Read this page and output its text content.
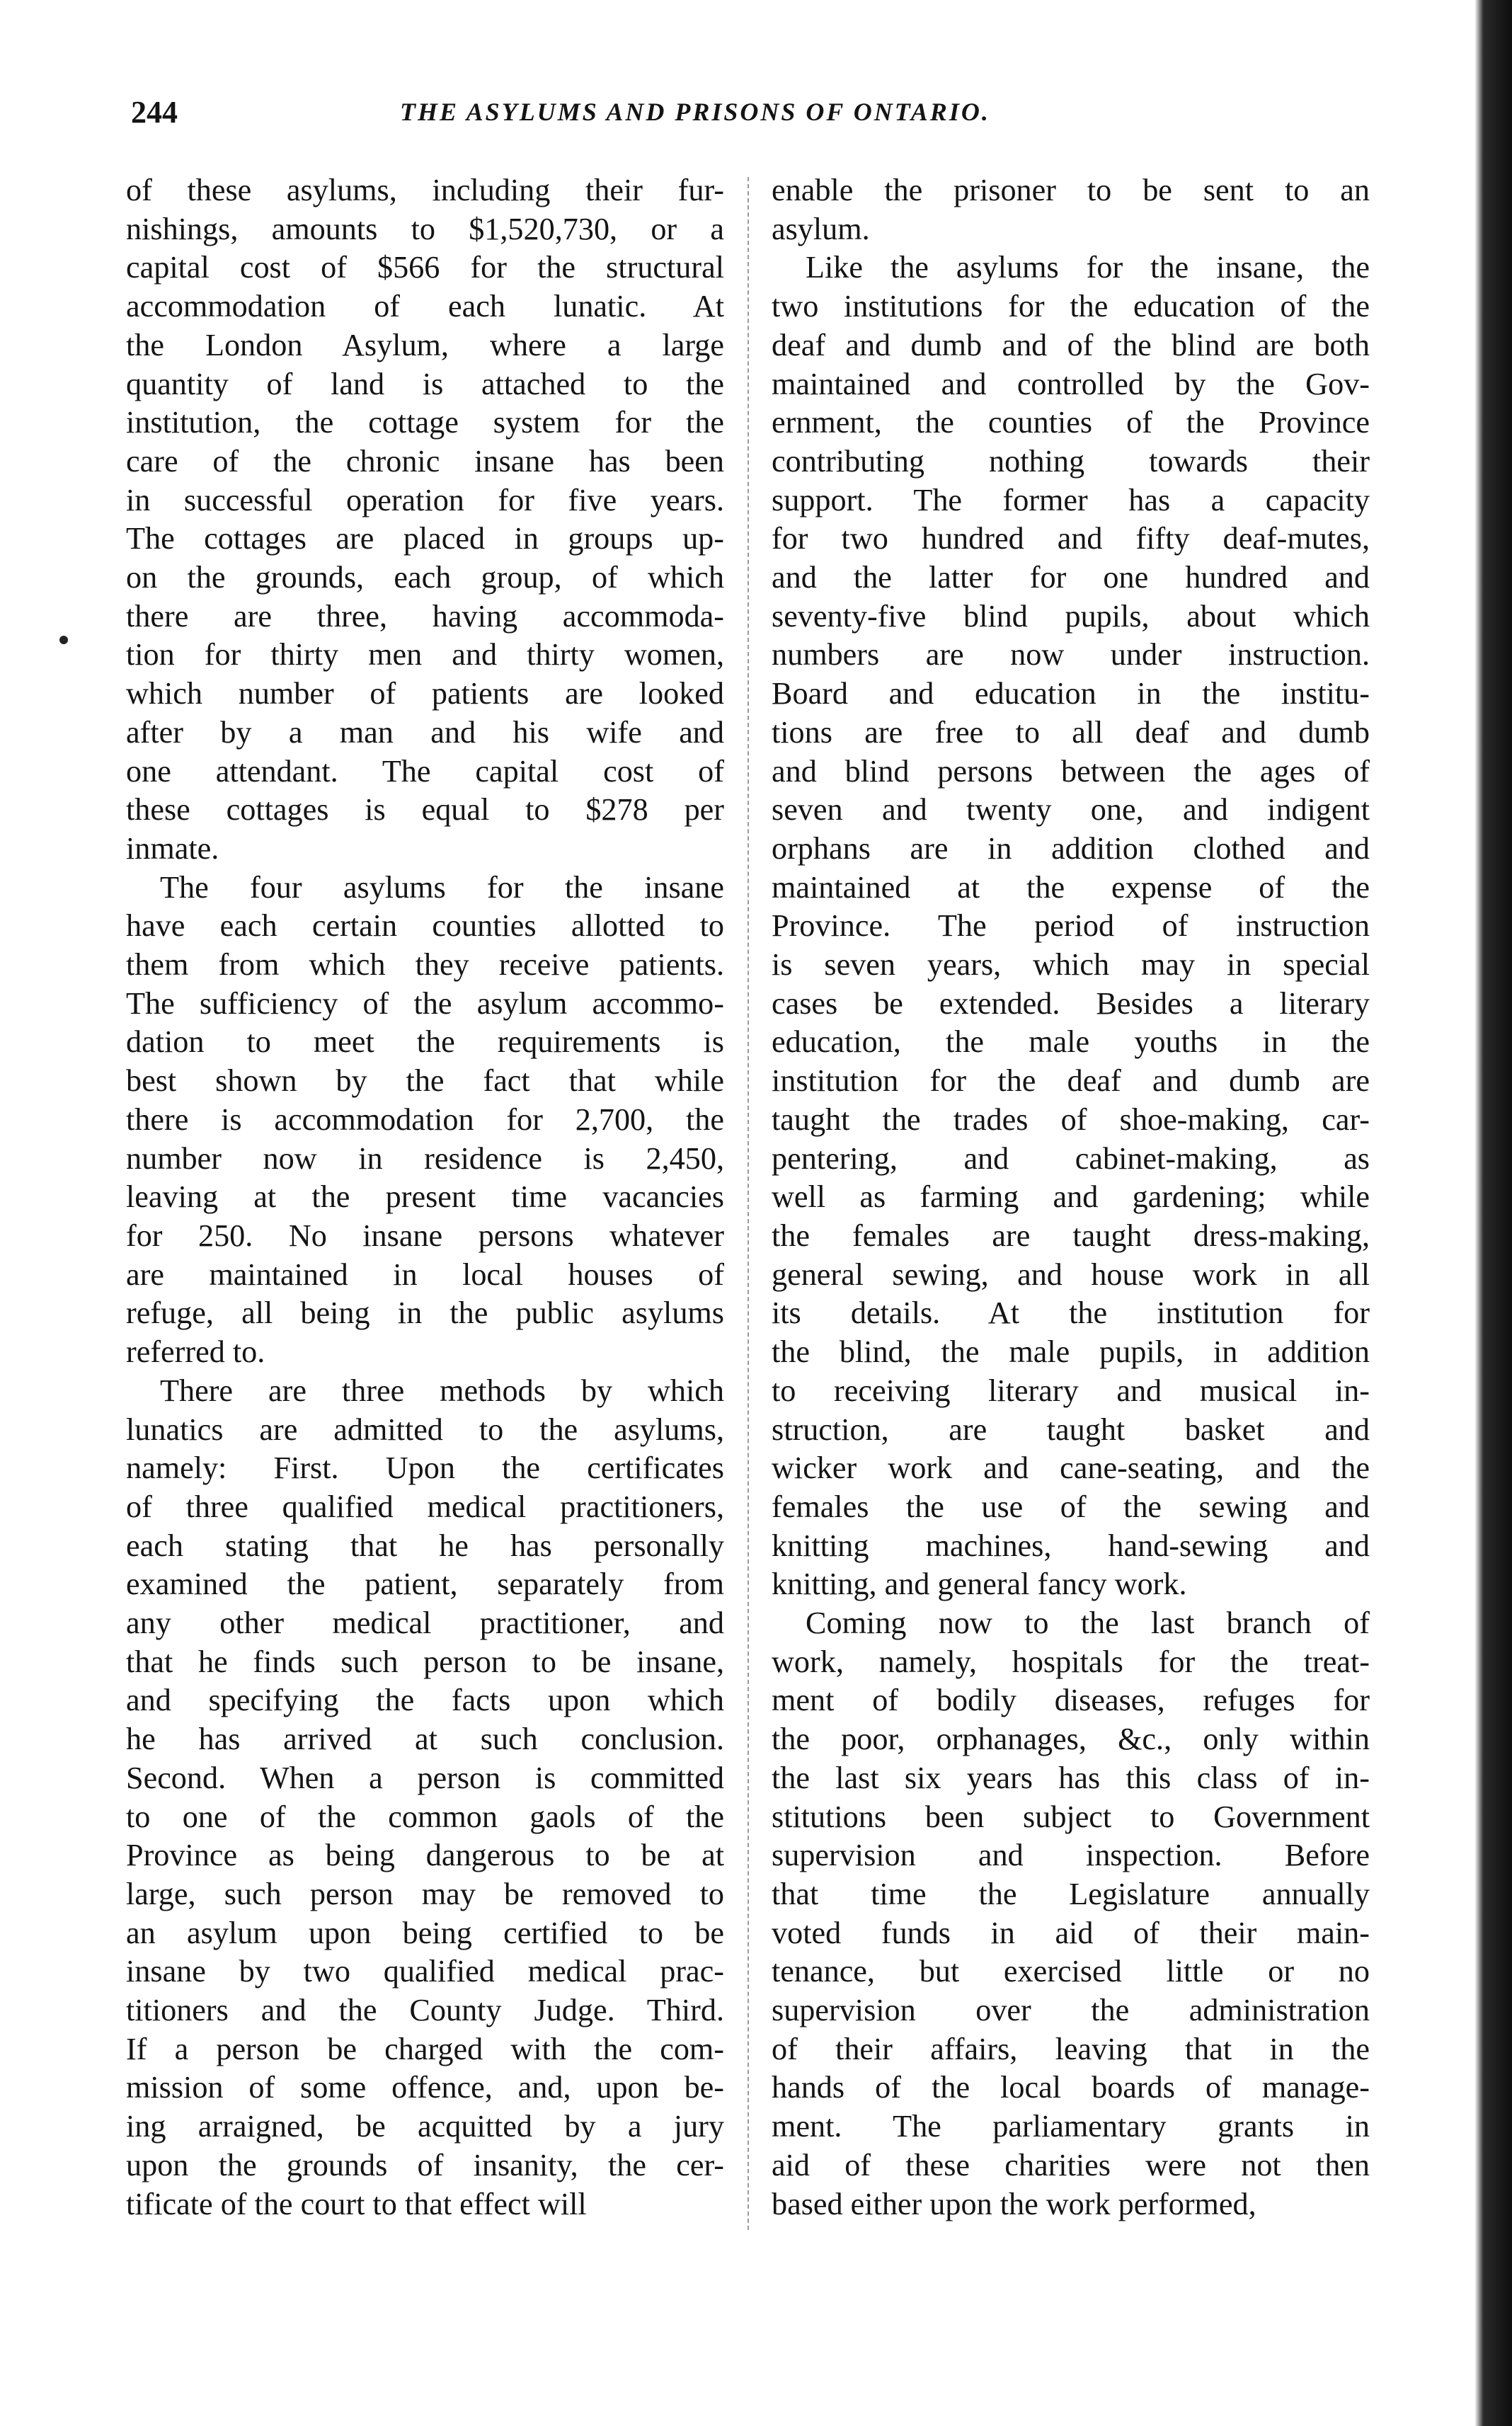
244	THE ASYLUMS AND PRISONS OF ONTARIO.

of these asylums, including their fur-
nishings, amounts to $1,520,730, or a
capital cost of $566 for the structural
accommodation of each lunatic. At
the London Asylum, where a large
quantity of land is attached to the
institution, the cottage system for the
care of the chronic insane has been
in successful operation for five years.
The cottages are placed in groups up-
on the grounds, each group, of which
there are three, having accommoda-
tion for thirty men and thirty women,
which number of patients are looked
after by a man and his wife and
one attendant. The capital cost of
these cottages is equal to $278 per
inmate.

The four asylums for the insane
have each certain counties allotted to
them from which they receive patients.
The sufficiency of the asylum accommo-
dation to meet the requirements is
best shown by the fact that while
there is accommodation for 2,700, the
number now in residence is 2,450,
leaving at the present time vacancies
for 250. No insane persons whatever
are maintained in local houses of
refuge, all being in the public asylums
referred to.

There are three methods by which
lunatics are admitted to the asylums,
namely: First. Upon the certificates
of three qualified medical practitioners,
each stating that he has personally
examined the patient, separately from
any other medical practitioner, and
that he finds such person to be insane,
and specifying the facts upon which
he has arrived at such conclusion.
Second. When a person is committed
to one of the common gaols of the
Province as being dangerous to be at
large, such person may be removed to
an asylum upon being certified to be
insane by two qualified medical prac-
titioners and the County Judge. Third.
If a person be charged with the com-
mission of some offence, and, upon be-
ing arraigned, be acquitted by a jury
upon the grounds of insanity, the cer-
tificate of the court to that effect will

enable the prisoner to be sent to an
asylum.

Like the asylums for the insane, the
two institutions for the education of the
deaf and dumb and of the blind are both
maintained and controlled by the Gov-
ernment, the counties of the Province
contributing nothing towards their
support. The former has a capacity
for two hundred and fifty deaf-mutes,
and the latter for one hundred and
seventy-five blind pupils, about which
numbers are now under instruction.
Board and education in the institu-
tions are free to all deaf and dumb
and blind persons between the ages of
seven and twenty one, and indigent
orphans are in addition clothed and
maintained at the expense of the
Province. The period of instruction
is seven years, which may in special
cases be extended. Besides a literary
education, the male youths in the
institution for the deaf and dumb are
taught the trades of shoe-making, car-
pentering, and cabinet-making, as
well as farming and gardening; while
the females are taught dress-making,
general sewing, and house work in all
its details. At the institution for
the blind, the male pupils, in addition
to receiving literary and musical in-
struction, are taught basket and
wicker work and cane-seating, and the
females the use of the sewing and
knitting machines, hand-sewing and
knitting, and general fancy work.

Coming now to the last branch of
work, namely, hospitals for the treat-
ment of bodily diseases, refuges for
the poor, orphanages, &c., only within
the last six years has this class of in-
stitutions been subject to Government
supervision and inspection. Before
that time the Legislature annually
voted funds in aid of their main-
tenance, but exercised little or no
supervision over the administration
of their affairs, leaving that in the
hands of the local boards of manage-
ment. The parliamentary grants in
aid of these charities were not then
based either upon the work performed,
